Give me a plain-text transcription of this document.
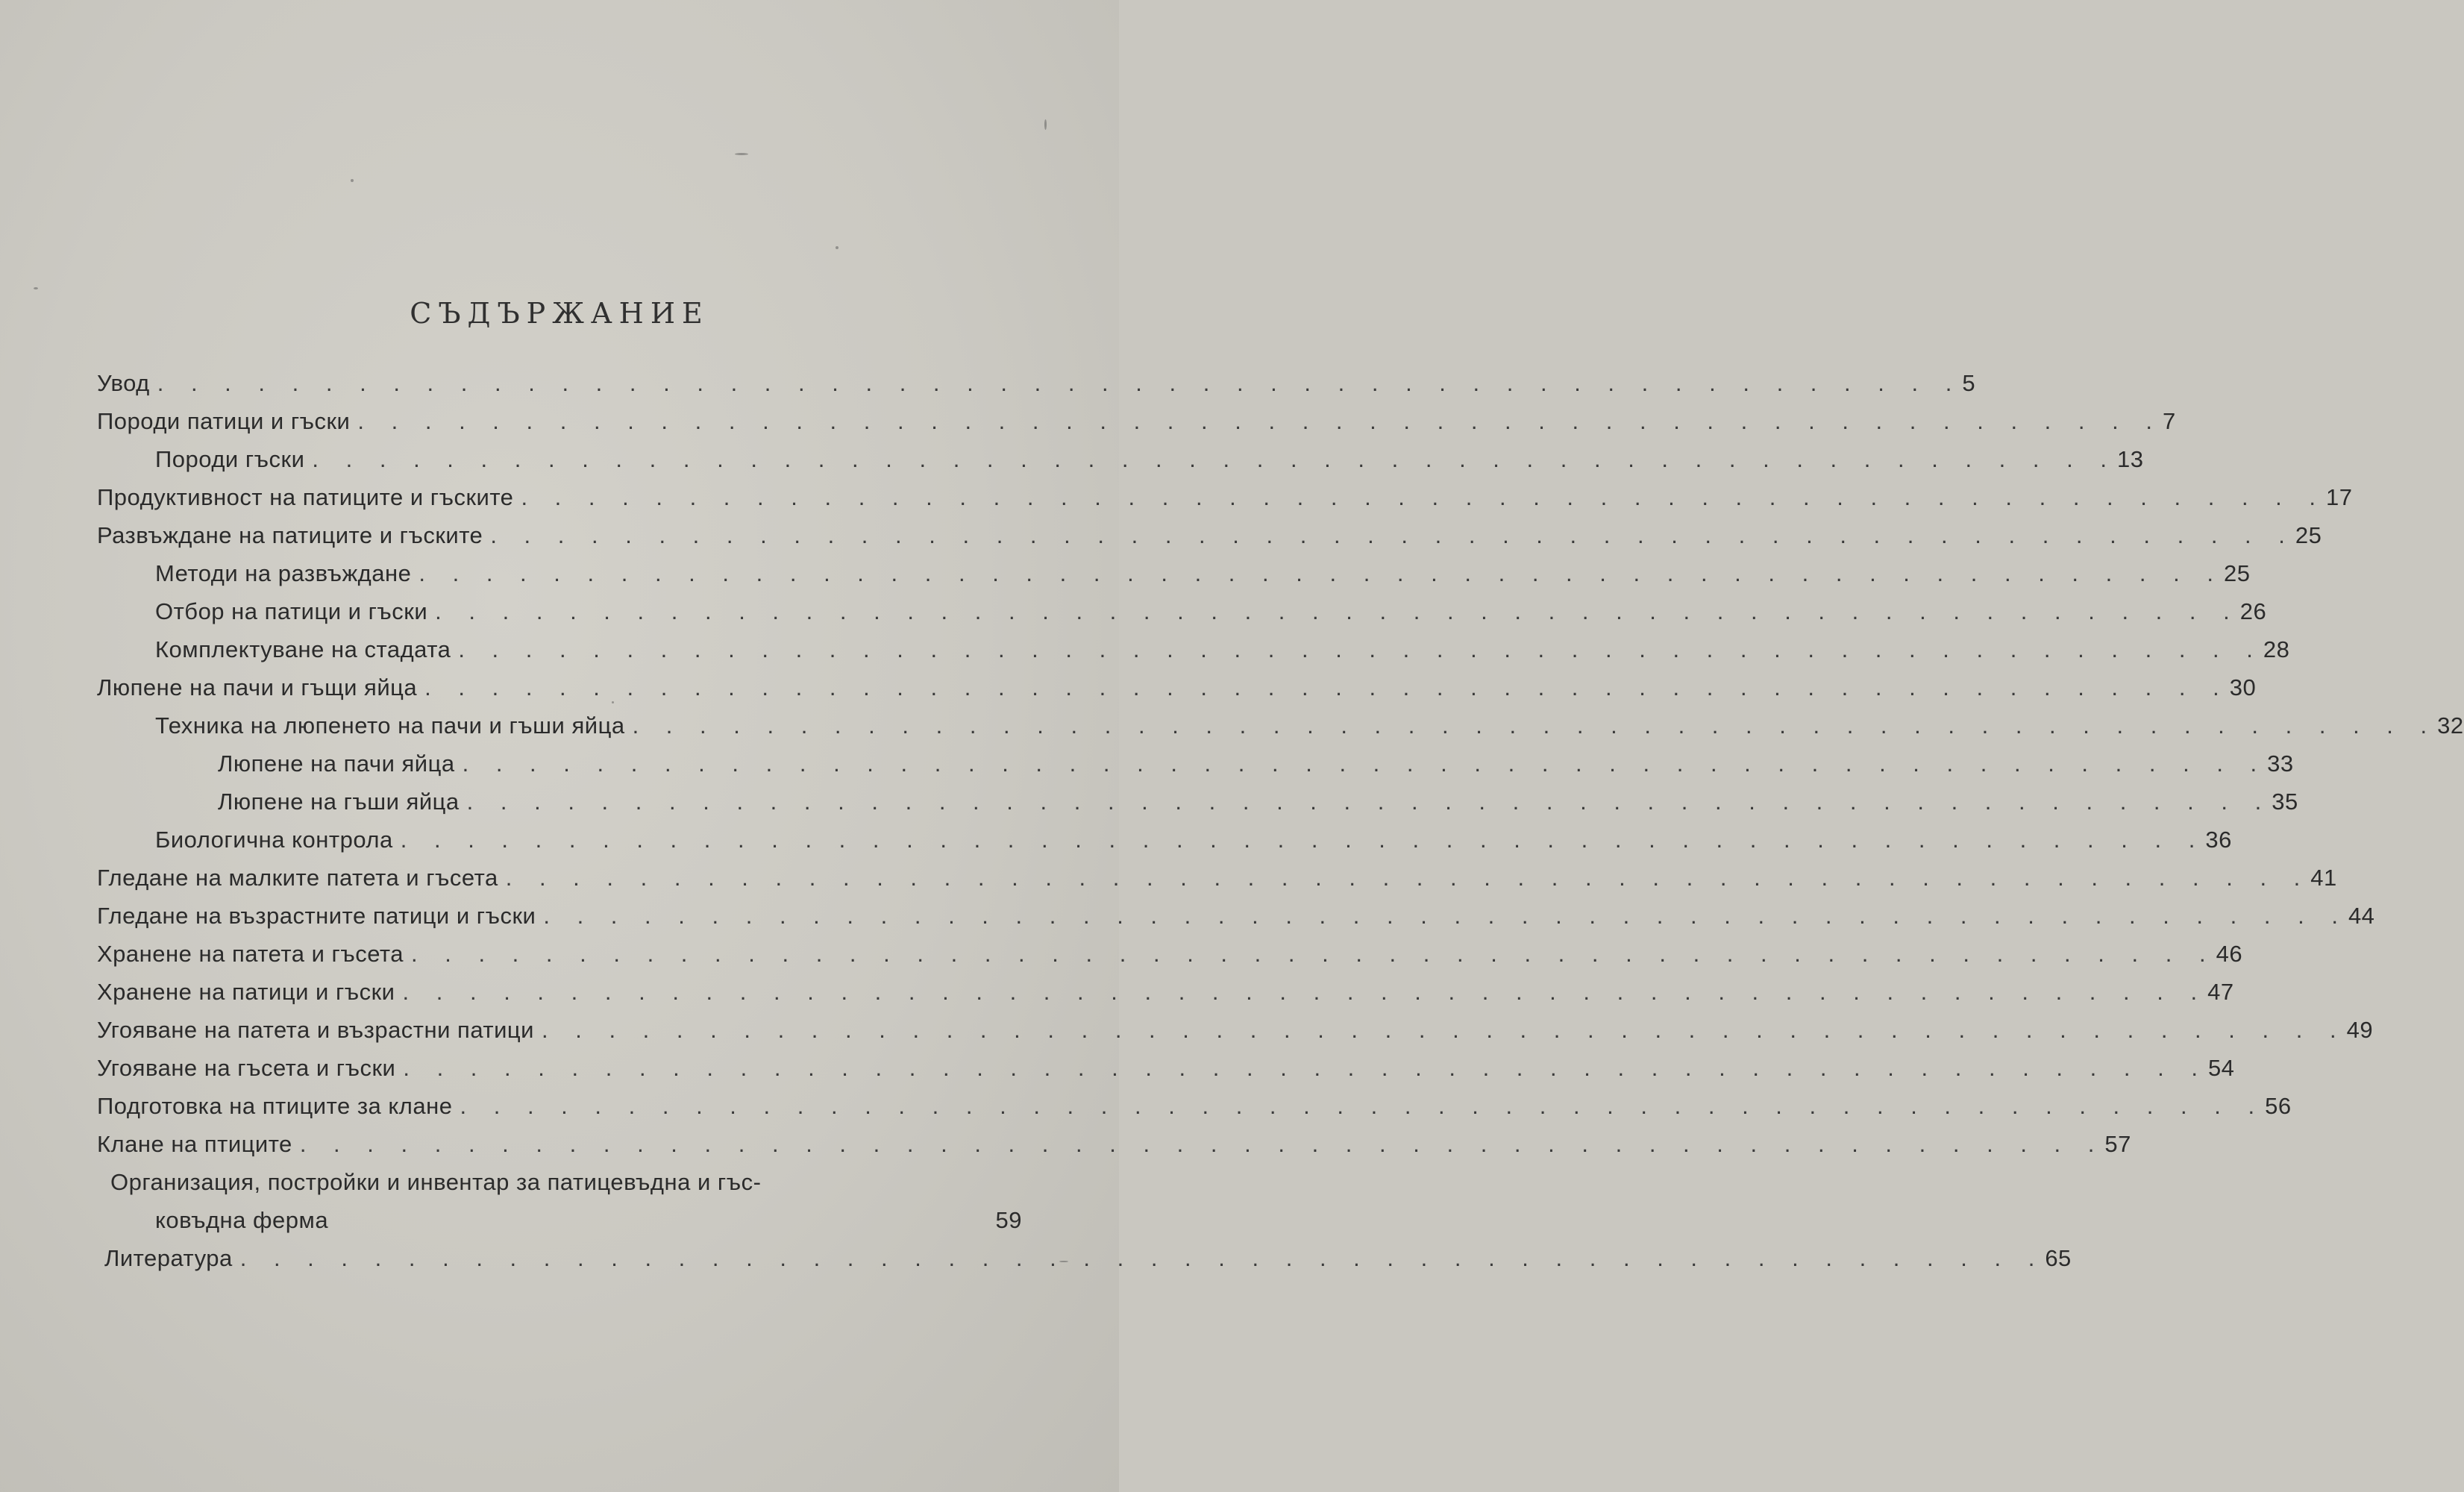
СЪДЪРЖАНИЕ
Увод . . . . . . . . . . . . . . . . . . . . . . . . . . . . . . . . . . . . . . . . . . . . . . . . . . . . . . 5
Породи патици и гъски . . . . . . . . . . . . . . . . . . . . . . . . . . . . . . . . . . . . . . . . . . . . . . . . . . . . . . 7
Породи гъски . . . . . . . . . . . . . . . . . . . . . . . . . . . . . . . . . . . . . . . . . . . . . . . . . . . . . . 13
Продуктивност на патиците и гъските . . . . . . . . . . . . . . . . . . . . . . . . . . . . . . . . . . . . . . . . . . . . . . . . . . . . . . 17
Развъждане на патиците и гъските . . . . . . . . . . . . . . . . . . . . . . . . . . . . . . . . . . . . . . . . . . . . . . . . . . . . . . 25
Методи на развъждане . . . . . . . . . . . . . . . . . . . . . . . . . . . . . . . . . . . . . . . . . . . . . . . . . . . . . . 25
Отбор на патици и гъски . . . . . . . . . . . . . . . . . . . . . . . . . . . . . . . . . . . . . . . . . . . . . . . . . . . . . . 26
Комплектуване на стадата . . . . . . . . . . . . . . . . . . . . . . . . . . . . . . . . . . . . . . . . . . . . . . . . . . . . . . 28
Люпене на пачи и гъщи яйца . . . . . . . . . . . . . . . . . . . . . . . . . . . . . . . . . . . . . . . . . . . . . . . . . . . . . . 30
Техника на люпенето на пачи и гъши яйца . . . . . . . . . . . . . . . . . . . . . . . . . . . . . . . . . . . . . . . . . . . . . . . . . . . . . . 32
Люпене на пачи яйца . . . . . . . . . . . . . . . . . . . . . . . . . . . . . . . . . . . . . . . . . . . . . . . . . . . . . . 33
Люпене на гъши яйца . . . . . . . . . . . . . . . . . . . . . . . . . . . . . . . . . . . . . . . . . . . . . . . . . . . . . . 35
Биологична контрола . . . . . . . . . . . . . . . . . . . . . . . . . . . . . . . . . . . . . . . . . . . . . . . . . . . . . . 36
Гледане на малките патета и гъсета . . . . . . . . . . . . . . . . . . . . . . . . . . . . . . . . . . . . . . . . . . . . . . . . . . . . . . 41
Гледане на възрастните патици и гъски . . . . . . . . . . . . . . . . . . . . . . . . . . . . . . . . . . . . . . . . . . . . . . . . . . . . . . 44
Хранене на патета и гъсета . . . . . . . . . . . . . . . . . . . . . . . . . . . . . . . . . . . . . . . . . . . . . . . . . . . . . . 46
Хранене на патици и гъски . . . . . . . . . . . . . . . . . . . . . . . . . . . . . . . . . . . . . . . . . . . . . . . . . . . . . . 47
Угояване на патета и възрастни патици . . . . . . . . . . . . . . . . . . . . . . . . . . . . . . . . . . . . . . . . . . . . . . . . . . . . . . 49
Угояване на гъсета и гъски . . . . . . . . . . . . . . . . . . . . . . . . . . . . . . . . . . . . . . . . . . . . . . . . . . . . . . 54
Подготовка на птиците за клане . . . . . . . . . . . . . . . . . . . . . . . . . . . . . . . . . . . . . . . . . . . . . . . . . . . . . . 56
Клане на птиците . . . . . . . . . . . . . . . . . . . . . . . . . . . . . . . . . . . . . . . . . . . . . . . . . . . . . . 57
Организация, постройки и инвентар за патицевъдна и гъс-
ковъдна ферма	59
Литература . . . . . . . . . . . . . . . . . . . . . . . . . . . . . . . . . . . . . . . . . . . . . . . . . . . . . . 65
